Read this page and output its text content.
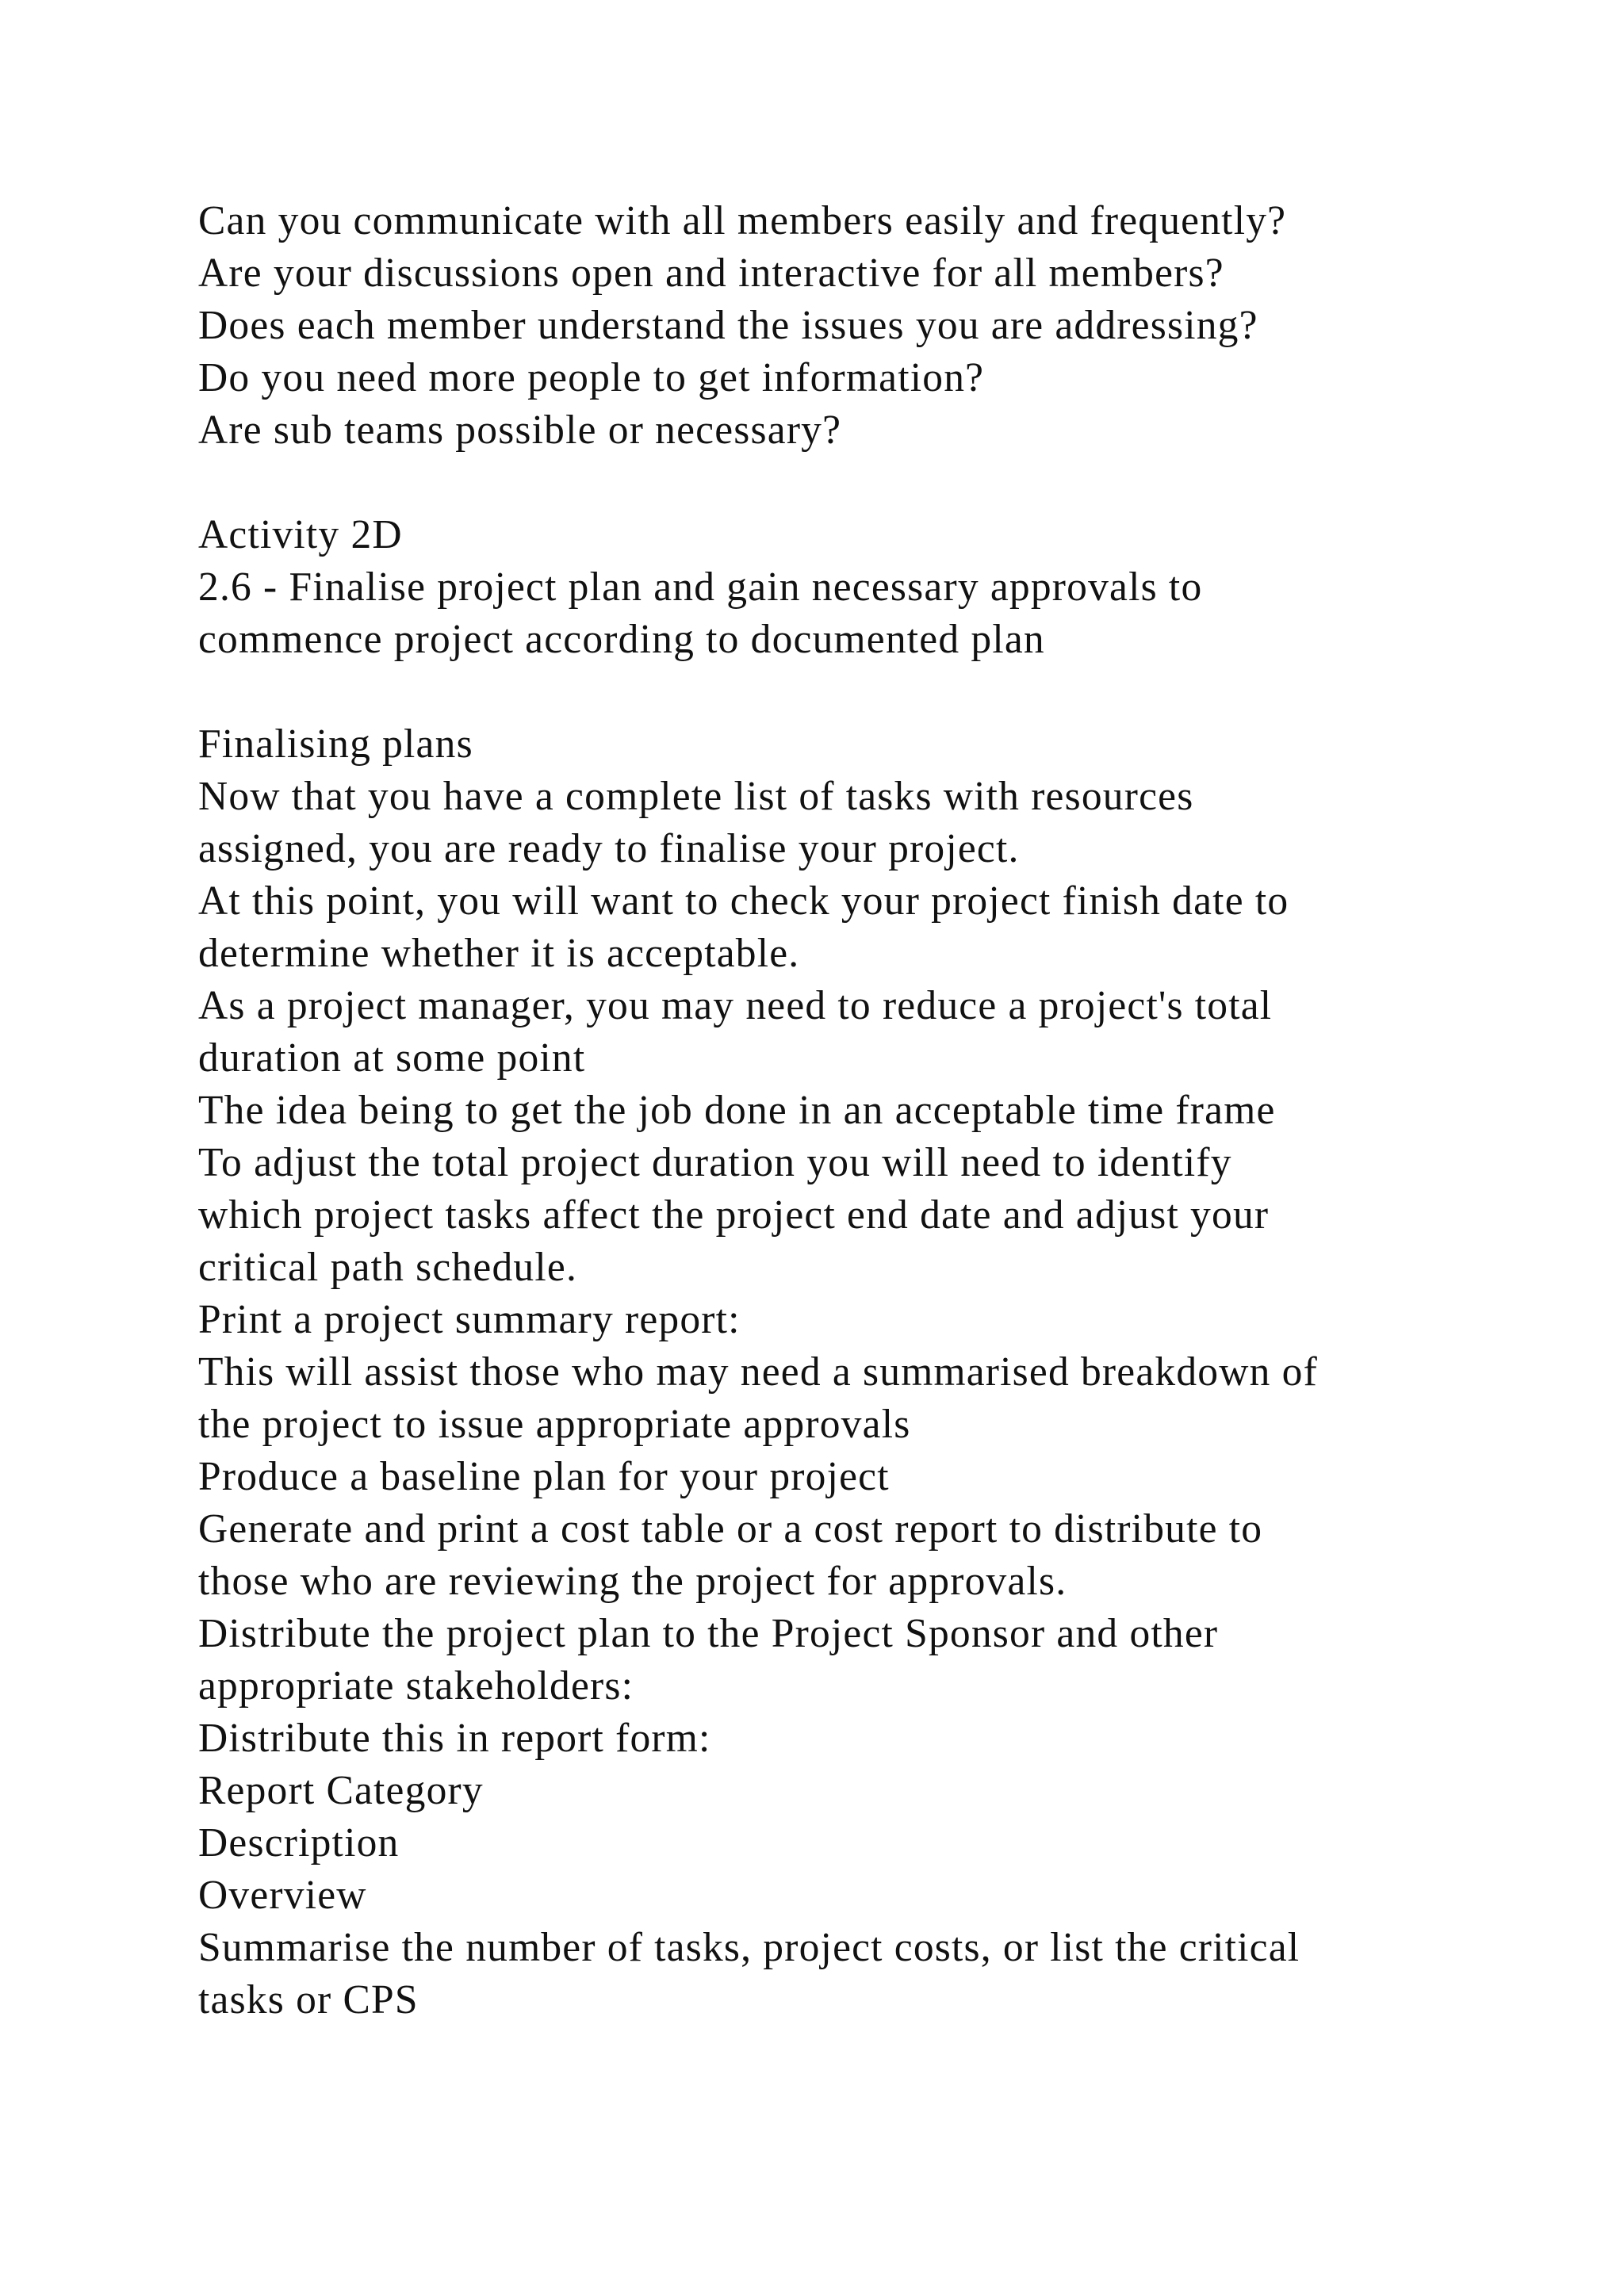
Can you communicate with all members easily and frequently?
Are your discussions open and interactive for all members?
Does each member understand the issues you are addressing?
Do you need more people to get information?
Are sub teams possible or necessary?
Activity 2D
2.6 - Finalise project plan and gain necessary approvals to
commence project according to documented plan
Finalising plans
Now that you have a complete list of tasks with resources
assigned, you are ready to finalise your project.
At this point, you will want to check your project finish date to
determine whether it is acceptable.
As a project manager, you may need to reduce a project's total
duration at some point
The idea being to get the job done in an acceptable time frame
To adjust the total project duration you will need to identify
which project tasks affect the project end date and adjust your
critical path schedule.
Print a project summary report:
This will assist those who may need a summarised breakdown of
the project to issue appropriate approvals
Produce a baseline plan for your project
Generate and print a cost table or a cost report to distribute to
those who are reviewing the project for approvals.
Distribute the project plan to the Project Sponsor and other
appropriate stakeholders:
Distribute this in report form:
Report Category
Description
Overview
Summarise the number of tasks, project costs, or list the critical
tasks or CPS
